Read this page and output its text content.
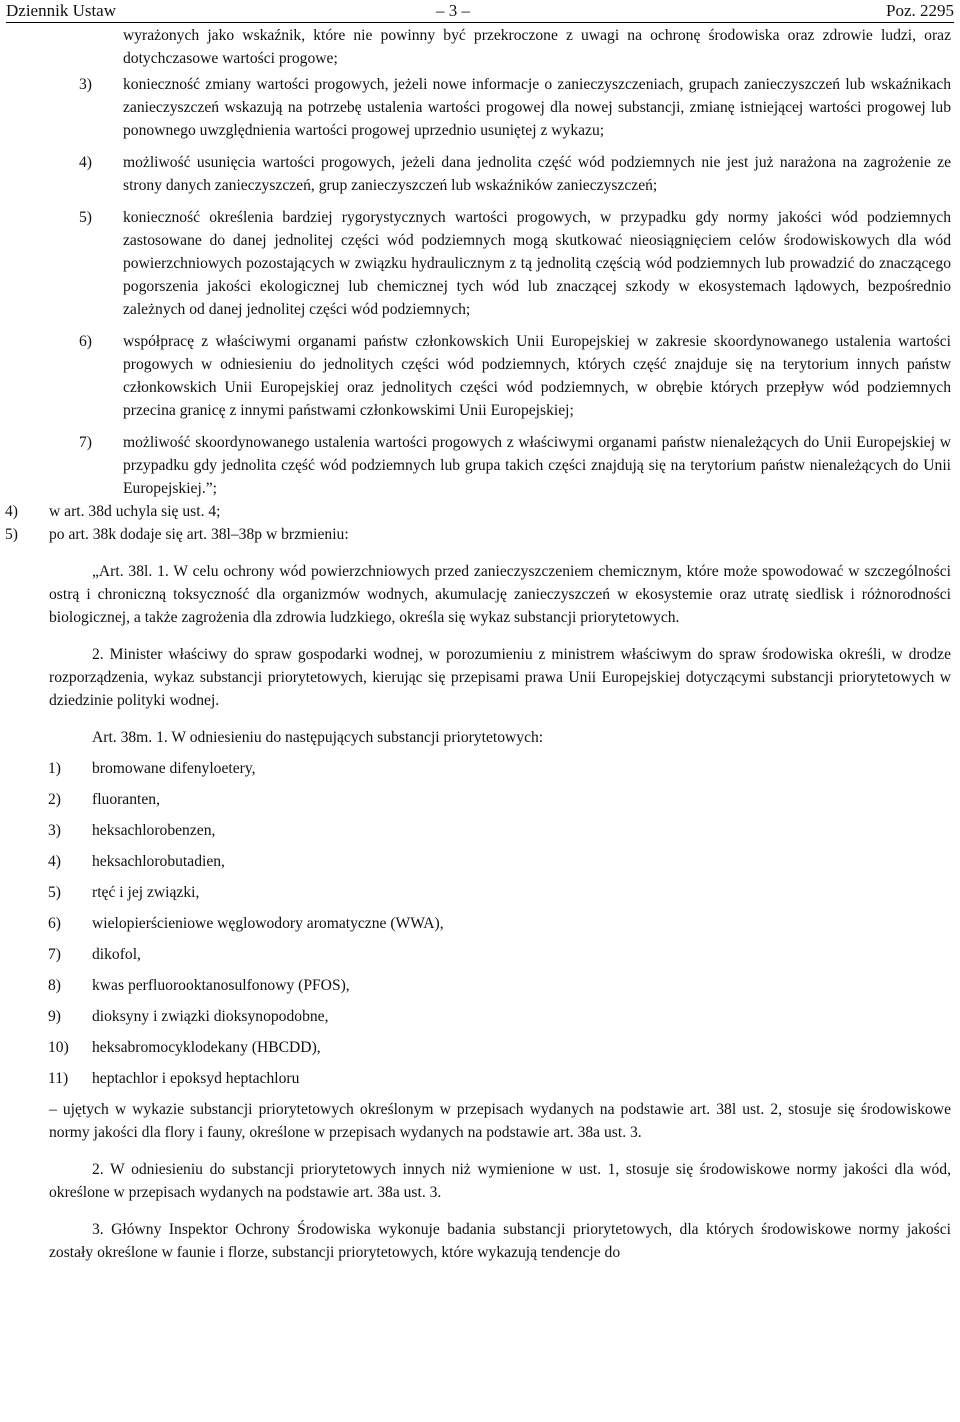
Dziennik Ustaw	– 3 –	Poz. 2295
wyrażonych jako wskaźnik, które nie powinny być przekroczone z uwagi na ochronę środowiska oraz zdrowie ludzi, oraz dotychczasowe wartości progowe;
3) konieczność zmiany wartości progowych, jeżeli nowe informacje o zanieczyszczeniach, grupach zanieczyszczeń lub wskaźnikach zanieczyszczeń wskazują na potrzebę ustalenia wartości progowej dla nowej substancji, zmianę istniejącej wartości progowej lub ponownego uwzględnienia wartości progowej uprzednio usuniętej z wykazu;
4) możliwość usunięcia wartości progowych, jeżeli dana jednolita część wód podziemnych nie jest już narażona na zagrożenie ze strony danych zanieczyszczeń, grup zanieczyszczeń lub wskaźników zanieczyszczeń;
5) konieczność określenia bardziej rygorystycznych wartości progowych, w przypadku gdy normy jakości wód podziemnych zastosowane do danej jednolitej części wód podziemnych mogą skutkować nieosiągnięciem celów środowiskowych dla wód powierzchniowych pozostających w związku hydraulicznym z tą jednolitą częścią wód podziemnych lub prowadzić do znaczącego pogorszenia jakości ekologicznej lub chemicznej tych wód lub znaczącej szkody w ekosystemach lądowych, bezpośrednio zależnych od danej jednolitej części wód podziemnych;
6) współpracę z właściwymi organami państw członkowskich Unii Europejskiej w zakresie skoordynowanego ustalenia wartości progowych w odniesieniu do jednolitych części wód podziemnych, których część znajduje się na terytorium innych państw członkowskich Unii Europejskiej oraz jednolitych części wód podziemnych, w obrębie których przepływ wód podziemnych przecina granicę z innymi państwami członkowskimi Unii Europejskiej;
7) możliwość skoordynowanego ustalenia wartości progowych z właściwymi organami państw nienależących do Unii Europejskiej w przypadku gdy jednolita część wód podziemnych lub grupa takich części znajdują się na terytorium państw nienależących do Unii Europejskiej.”;
4) w art. 38d uchyla się ust. 4;
5) po art. 38k dodaje się art. 38l–38p w brzmieniu:
„Art. 38l. 1. W celu ochrony wód powierzchniowych przed zanieczyszczeniem chemicznym, które może spowodować w szczególności ostrą i chroniczną toksyczność dla organizmów wodnych, akumulację zanieczyszczeń w ekosystemie oraz utratę siedlisk i różnorodności biologicznej, a także zagrożenia dla zdrowia ludzkiego, określa się wykaz substancji priorytetowych.
2. Minister właściwy do spraw gospodarki wodnej, w porozumieniu z ministrem właściwym do spraw środowiska określi, w drodze rozporządzenia, wykaz substancji priorytetowych, kierując się przepisami prawa Unii Europejskiej dotyczącymi substancji priorytetowych w dziedzinie polityki wodnej.
Art. 38m. 1. W odniesieniu do następujących substancji priorytetowych:
1) bromowane difenyloetery,
2) fluoranten,
3) heksachlorobenzen,
4) heksachlorobutadien,
5) rtęć i jej związki,
6) wielopierścieniowe węglowodory aromatyczne (WWA),
7) dikofol,
8) kwas perfluorooktanosulfonowy (PFOS),
9) dioksyny i związki dioksynopodobne,
10) heksabromocyklodekany (HBCDD),
11) heptachlor i epoksyd heptachloru
– ujętych w wykazie substancji priorytetowych określonym w przepisach wydanych na podstawie art. 38l ust. 2, stosuje się środowiskowe normy jakości dla flory i fauny, określone w przepisach wydanych na podstawie art. 38a ust. 3.
2. W odniesieniu do substancji priorytetowych innych niż wymienione w ust. 1, stosuje się środowiskowe normy jakości dla wód, określone w przepisach wydanych na podstawie art. 38a ust. 3.
3. Główny Inspektor Ochrony Środowiska wykonuje badania substancji priorytetowych, dla których środowiskowe normy jakości zostały określone w faunie i florze, substancji priorytetowych, które wykazują tendencje do
